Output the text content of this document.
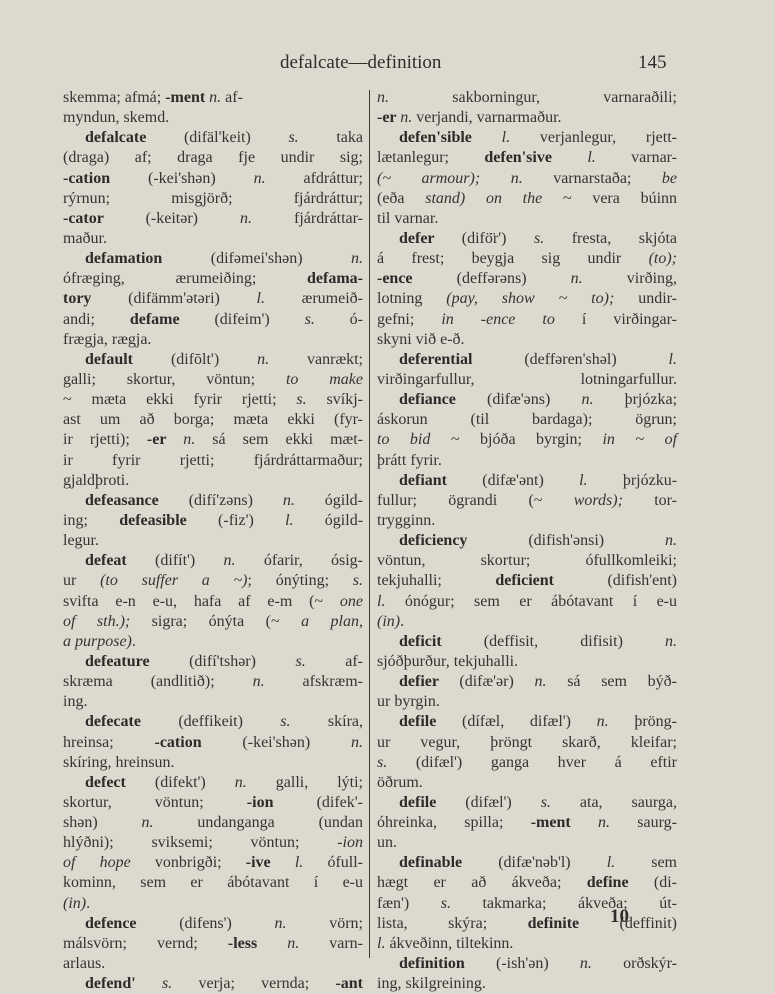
defalcate—definition	145
skemma; afmá; -ment n. af-
myndun, skemd.
defalcate (difäl'keit) s. taka
(draga) af; draga fje undir sig;
-cation (-kei'shən) n. afdráttur;
rýrnun; misgjörð; fjárdráttur;
-cator (-keitər) n. fjárdráttar-
maður.
defamation (difəmei'shən) n.
ófræging, ærumeiðing; defama-
tory (difämm'ətəri) l. ærumeið-
andi; defame (difeim') s. ó-
frægja, rægja.
default (difōlt') n. vanrækt;
galli; skortur, vöntun; to make
~ mæta ekki fyrir rjetti; s. svíkj-
ast um að borga; mæta ekki (fyr-
ir rjetti); -er n. sá sem ekki mæt-
ir fyrir rjetti; fjárdráttarmaður;
gjaldþroti.
defeasance (difí'zəns) n. ógild-
ing; defeasible (-fiz') l. ógild-
legur.
defeat (difít') n. ófarir, ósig-
ur (to suffer a ~); ónýting; s.
svifta e-n e-u, hafa af e-m (~ one
of sth.); sigra; ónýta (~ a plan,
a purpose).
defeature (difí'tshər) s. af-
skræma (andlitið); n. afskræm-
ing.
defecate (deffikeit) s. skíra,
hreinsa; -cation (-kei'shən) n.
skíring, hreinsun.
defect (difekt') n. galli, lýti;
skortur, vöntun; -ion (difek'-
shən) n. undanganga (undan
hlýðni); sviksemi; vöntun; -ion
of hope vonbrigði; -ive l. ófull-
kominn, sem er ábótavant í e-u
(in).
defence (difens') n. vörn;
málsvörn; vernd; -less n. varn-
arlaus.
defend' s. verja; vernda; -ant
n. sakborningur, varnaraðili;
-er n. verjandi, varnarmaður.
defen'sible l. verjanlegur, rjett-
lætanlegur; defen'sive l. varnar-
(~ armour); n. varnarstaða; be
(eða stand) on the ~ vera búinn
til varnar.
defer (difö̈r') s. fresta, skjóta
á frest; beygja sig undir (to);
-ence (deffərəns) n. virðing,
lotning (pay, show ~ to); undir-
gefni; in -ence to í virðingar-
skyni við e-ð.
deferential (deffəren'shəl) l.
virðingarfullur, lotningarfullur.
defiance (difæ'əns) n. þrjózka;
áskorun (til bardaga); ögrun;
to bid ~ bjóða byrgin; in ~ of
þrátt fyrir.
defiant (difæ'ənt) l. þrjózku-
fullur; ögrandi (~ words); tor-
trygginn.
deficiency (difish'ənsi) n.
vöntun, skortur; ófullkomleiki;
tekjuhalli; deficient (difish'ent)
l. ónógur; sem er ábótavant í e-u
(in).
deficit (deffisit, difisit) n.
sjóðþurður, tekjuhalli.
defier (difæ'ər) n. sá sem býð-
ur byrgin.
defile (dífæl, difæl') n. þröng-
ur vegur, þröngt skarð, kleifar;
s. (difæl') ganga hver á eftir
öðrum.
defile (difæl') s. ata, saurga,
óhreinka, spilla; -ment n. saurg-
un.
definable (difæ'nəb'l) l. sem
hægt er að ákveða; define (di-
fæn') s. takmarka; ákveða; út-
lista, skýra; definite (deffinit)
l. ákveðinn, tiltekinn.
definition (-ish'ən) n. orðskýr-
ing, skilgreining.
10
